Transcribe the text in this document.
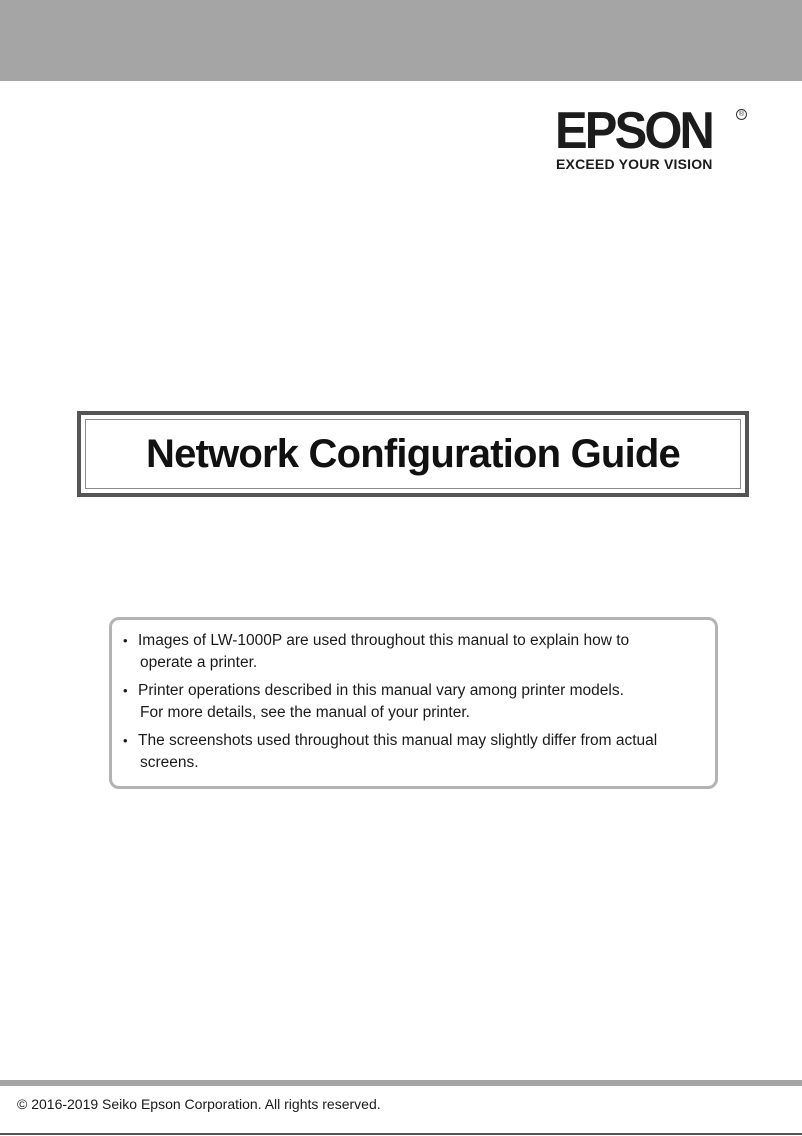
EPSON	®
EXCEED YOUR VISION
Network Configuration Guide
• Images of LW-1000P are used throughout this manual to explain how to
operate a printer.
• Printer operations described in this manual vary among printer models.
For more details, see the manual of your printer.
• The screenshots used throughout this manual may slightly differ from actual
screens.
© 2016-2019 Seiko Epson Corporation. All rights reserved.
